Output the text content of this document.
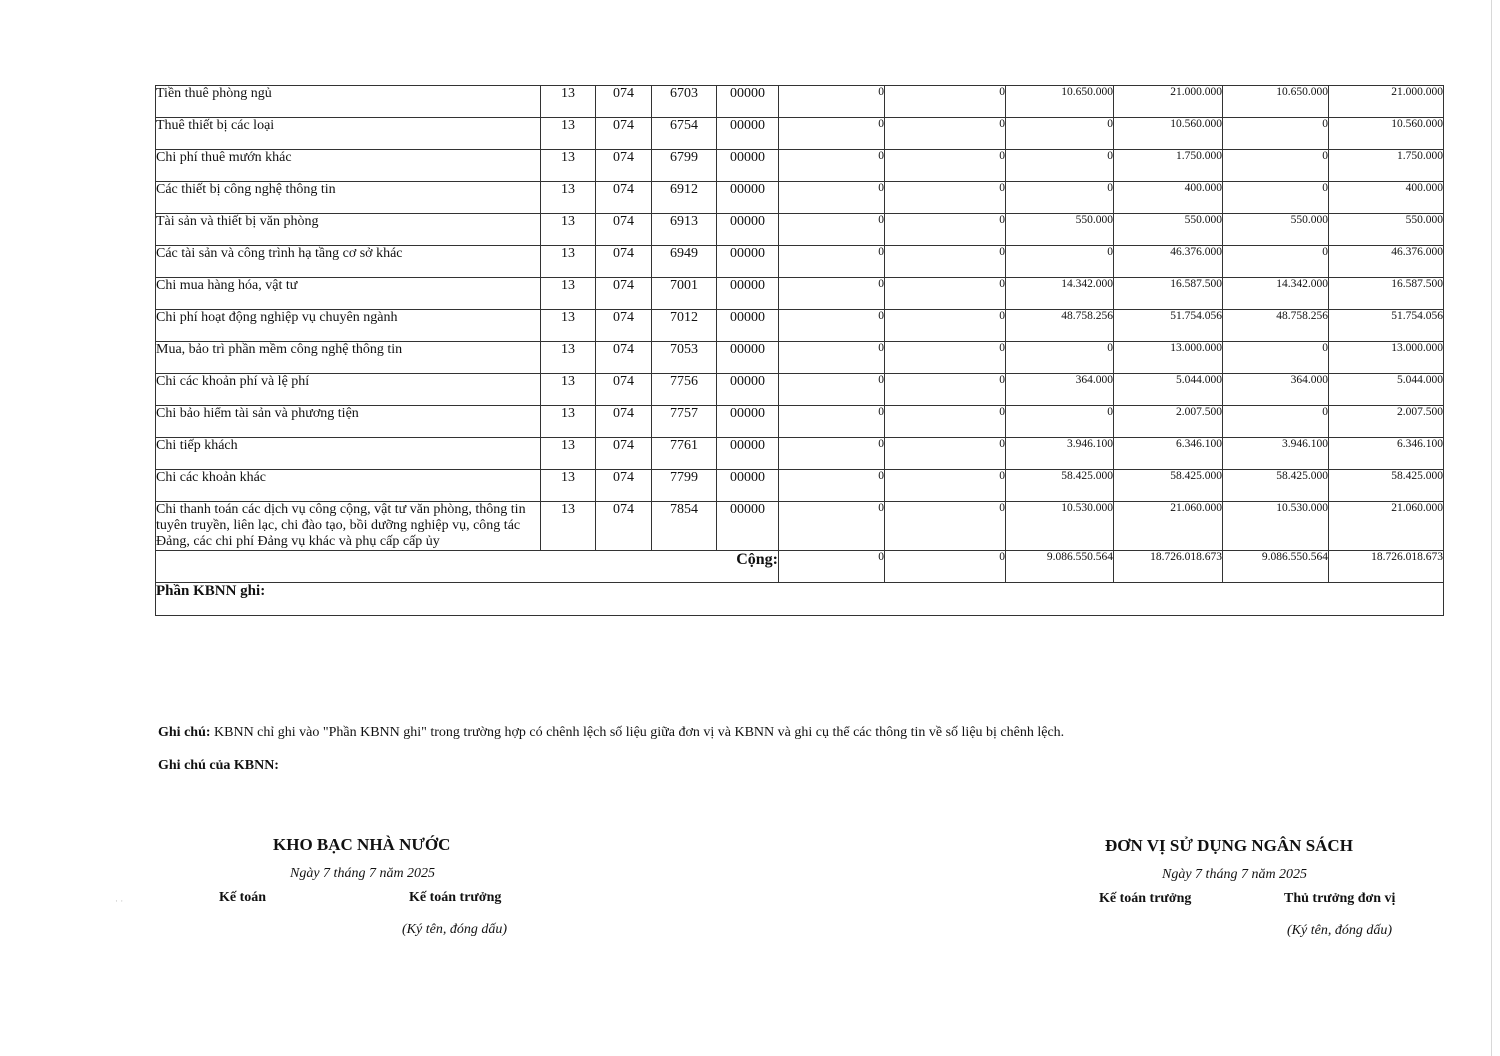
· ·
Tiền thuê phòng ngủ	13	074	6703	00000	0	0	10.650.000	21.000.000	10.650.000	21.000.000
Thuê thiết bị các loại	13	074	6754	00000	0	0	0	10.560.000	0	10.560.000
Chi phí thuê mướn khác	13	074	6799	00000	0	0	0	1.750.000	0	1.750.000
Các thiết bị công nghệ thông tin	13	074	6912	00000	0	0	0	400.000	0	400.000
Tài sản và thiết bị văn phòng	13	074	6913	00000	0	0	550.000	550.000	550.000	550.000
Các tài sản và công trình hạ tầng cơ sở khác	13	074	6949	00000	0	0	0	46.376.000	0	46.376.000
Chi mua hàng hóa, vật tư	13	074	7001	00000	0	0	14.342.000	16.587.500	14.342.000	16.587.500
Chi phí hoạt động nghiệp vụ chuyên ngành	13	074	7012	00000	0	0	48.758.256	51.754.056	48.758.256	51.754.056
Mua, bảo trì phần mềm công nghệ thông tin	13	074	7053	00000	0	0	0	13.000.000	0	13.000.000
Chi các khoản phí và lệ phí	13	074	7756	00000	0	0	364.000	5.044.000	364.000	5.044.000
Chi bảo hiểm tài sản và phương tiện	13	074	7757	00000	0	0	0	2.007.500	0	2.007.500
Chi tiếp khách	13	074	7761	00000	0	0	3.946.100	6.346.100	3.946.100	6.346.100
Chi các khoản khác	13	074	7799	00000	0	0	58.425.000	58.425.000	58.425.000	58.425.000
Chi thanh toán các dịch vụ công cộng, vật tư văn phòng, thông tin tuyên truyền, liên lạc, chi đào tạo, bồi dưỡng nghiệp vụ, công tác Đảng, các chi phí Đảng vụ khác và phụ cấp cấp ủy	13	074	7854	00000	0	0	10.530.000	21.060.000	10.530.000	21.060.000
Cộng:					0	0	9.086.550.564	18.726.018.673	9.086.550.564	18.726.018.673
Phần KBNN ghi:										
Ghi chú: KBNN chỉ ghi vào "Phần KBNN ghi" trong trường hợp có chênh lệch số liệu giữa đơn vị và KBNN và ghi cụ thể các thông tin về số liệu bị chênh lệch.
Ghi chú của KBNN:
KHO BẠC NHÀ NƯỚC
Ngày 7 tháng 7 năm 2025
Kế toán	Kế toán trưởng
(Ký tên, đóng dấu)
ĐƠN VỊ SỬ DỤNG NGÂN SÁCH
Ngày 7 tháng 7 năm 2025
Kế toán trưởng	Thủ trưởng đơn vị
(Ký tên, đóng dấu)
